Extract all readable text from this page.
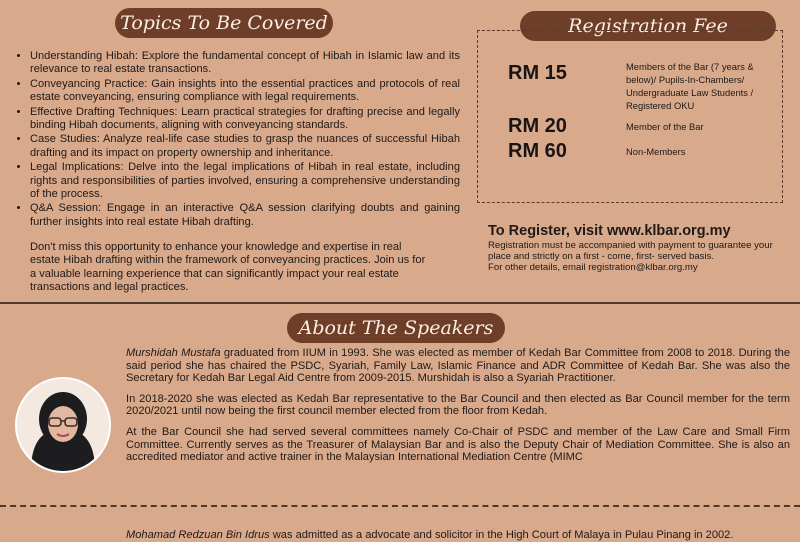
Topics To Be Covered
• Understanding Hibah: Explore the fundamental concept of Hibah in Islamic law and its relevance to real estate transactions.
• Conveyancing Practice: Gain insights into the essential practices and protocols of real estate conveyancing, ensuring compliance with legal requirements.
• Effective Drafting Techniques: Learn practical strategies for drafting precise and legally binding Hibah documents, aligning with conveyancing standards.
• Case Studies: Analyze real-life case studies to grasp the nuances of successful Hibah drafting and its impact on property ownership and inheritance.
• Legal Implications: Delve into the legal implications of Hibah in real estate, including rights and responsibilities of parties involved, ensuring a comprehensive understanding of the process.
• Q&A Session: Engage in an interactive Q&A session clarifying doubts and gaining further insights into real estate Hibah drafting.

Don't miss this opportunity to enhance your knowledge and expertise in real estate Hibah drafting within the framework of conveyancing practices. Join us for a valuable learning experience that can significantly impact your real estate transactions and legal practices.

Registration Fee
RM 15	Members of the Bar (7 years & below)/ Pupils-In-Chambers/ Undergraduate Law Students / Registered OKU
RM 20	Member of the Bar
RM 60	Non-Members
To Register, visit www.klbar.org.my
Registration must be accompanied with payment to guarantee your place and strictly on a first - come, first- served basis.
For other details, email registration@klbar.org.my
About The Speakers

Murshidah Mustafa graduated from IIUM in 1993. She was elected as member of Kedah Bar Committee from 2008 to 2018. During the said period she has chaired the PSDC, Syariah, Family Law, Islamic Finance and ADR Committee of Kedah Bar. She was also the Secretary for Kedah Bar Legal Aid Centre from 2009-2015. Murshidah is also a Syariah Practitioner.

In 2018-2020 she was elected as Kedah Bar representative to the Bar Council and then elected as Bar Council member for the term 2020/2021 until now being the first council member elected from the floor from Kedah.

At the Bar Council she had served several committees namely Co-Chair of PSDC and member of the Law Care and Small Firm Committee. Currently serves as the Treasurer of Malaysian Bar and is also the Deputy Chair of Mediation Committee. She is also an accredited mediator and active trainer in the Malaysian International Mediation Centre (MIMC

Mohamad Redzuan Bin Idrus was admitted as a advocate and solicitor in the High Court of Malaya in Pulau Pinang in 2002.
